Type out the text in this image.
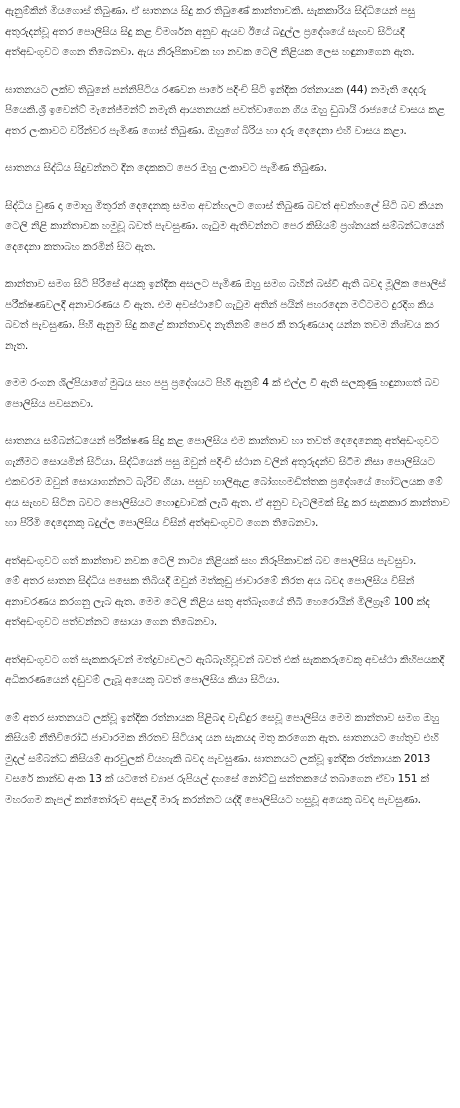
ඇනුම්කින් මියගොස් තිබුණා. ඒ ඝාතනය සිදු කර තිබුණේ කාන්තාවකි. සැකකාරිය සිද්ධියෙන් පසු අතුරුදන්වූ අතර පොලිසිය සිදු කළ විමර්ශන අනුව ඇයව ඊයේ බදුල්ල ප්‍රදේශයේ සැඟව සිටියදී අත්අඩංගුවට ගෙන තිබෙනවා. ඇය නිරූපිකාවක හා නවක ටෙලි නිළියක ලෙස හඳුනාගෙන ඇත.

ඝාතනයට ලක්ව තිබුනේ පන්නිපිටිය රණවන පාරේ පදිංචි සිටි ඉන්දික රත්නායක (44) නමැති දෙදරු පියෙකි.ශ්‍රී ඉවෙන්ට් මැනේජ්මන්ට් නමැති ආයතනයක් පවත්වාගෙන ගිය ඔහු ඩුබායි රාජ්‍යයේ වාසය කළ අතර ලංකාවට වරින්වර පැමිණ ගොස් තිබුණා. ඔහුගේ බිරිය හා දරු දෙදෙනා එහි වාසය කළා.

ඝාතනය සිද්ධිය සිදුවන්නට දින දෙකකට පෙර ඔහු ලංකාවට පැමිණ තිබුණා.

සිද්ධිය වුණ දා මොහු මිතුරන් දෙදෙනකු සමග අවන්හලට ගොස් තිබුණ බවත් අවන්හලේ සිටි බව කියන ටෙලි නිළි කාන්තාවක හමුවූ බවත් පැවසුණා. ගැටුම ඇතිවන්නට පෙර කිසියම් ප්‍රශ්නයක් සම්බන්ධයෙන් දෙදෙනා කතාබහ කරමින් සිට ඇත.

කාන්තාව සමග සිටි පිරිසේ අයකු ඉන්දික අසලට පැමිණ ඔහු සමග බහින් බස්වී ඇති බවද මූලික පොලිස් පරීක්ෂණවලදී අනාවරණය වී ඇත. එම අවස්ථාවේ ගැටුම අතින් පයින් පහරදෙන මට්ටමට දුරදිග කිය බවත් පැවසුණා. පිහි ඇනුම සිදු කළේ කාන්තාවද නැතිනම් පෙර කී තරුණයාද යන්න තවම නිශ්චය කර නැත.

මෙම රංගන ශිල්පියාගේ මුඛය සහ පපු ප්‍රදේශයට පිහි ඇනුම් 4 ක් එල්ල වී ඇති සලකුණු හඳුනාගත් බව පොලිසිය පවසනවා.

ඝාතනය සම්බන්ධයෙන් පරීක්ෂණ සිදු කළ පොලිසිය එම කාන්තාව හා තවත් දෙදෙනෙකු අත්අඩංගුවට ගැනීමට සොයමින් සිටියා. සිද්ධියෙන් පසු ඔවුන් පදිංචි ස්ථාන වලින් අතුරුදන්ව සිටීම නිසා පොලිසියට එකවරම ඔවුන් සොයාගන්නට බැරිව ගියා. පසුව හාලිඇළ බෝගහමඩිත්තක ප්‍රදේශයේ හෝටලයක මේ අය සැඟව සිටින බවට පොලිසියට හොඳුවාවක් ලැබී ඇත. ඒ අනුව වැටලීමක් සිදු කර සැකකාර කාන්තාව හා පිරිමි දෙදෙනකු බදුල්ල පොලිසිය විසින් අත්අඩංගුවට ගෙන තිබෙනවා.

අත්අඩංගුවට ගත් කාන්තාව නවක ටෙලි නාට්‍ය නිළියක් සහ නිරූපිකාවක් බව පොලිසිය පැවසුවා.

මේ අතර ඝාතන සිද්ධිය පසෙක තිබියදී ඔවුන් මත්කුඩු ජාවාරමේ නිරත අය බවද පොලිසිය විසින් අනාවරණය කරගනු ලැබ ඇත. මෙම ටෙලි නිළිය සතු අත්බෑගයේ තිබී හෙරොයින් මිලිග්‍රෑම් 100 ක්ද අත්අඩංගුවට පත්වන්නට සොයා ගෙන තිබෙනවා.

අත්අඩංගුවට ගත් සැකකරුවන් මත්ද්‍රව්‍යවලට ඇබ්බැහිවූවන් බවත් එක් සැකකරුවෙකු අවස්ථා කිහිපයකදී අධිකරණයෙන් දඬුවම් ලැබූ අයෙකු බවත් පොලිසිය කියා සිටියා.

මේ අතර ඝාතනයට ලක්වූ ඉන්දික රත්නායක පිළිබඳ වැඩිදුර සෙවූ පොලිසිය මෙම කාන්තාව සමග ඔහු කිසියම් නීතිවිරෝධී ජාවාරමක නිරතව සිටියාද යන සැකයද මතු කරගෙන ඇත. ඝාතනයට හේතුව එහි මුදල් සම්බන්ධ කිසියම් ආරවුලක් වියහැකි බවද පැවසුණා. ඝාතනයට ලක්වූ ඉන්දික රත්නායක 2013 වසරේ කාන්ඩ අංක 13 ක් යටතේ ව්‍යාජ රුපියල් දහසේ නෝට්ටු සන්තකයේ තබාගෙන ඒවා 151 ක් මහරගම කැපල් කන්තෝරුව අසළදී මාරු කරන්නට යද්දී පොලිසියට හසුවූ අයෙකු බවද පැවසුණා.
